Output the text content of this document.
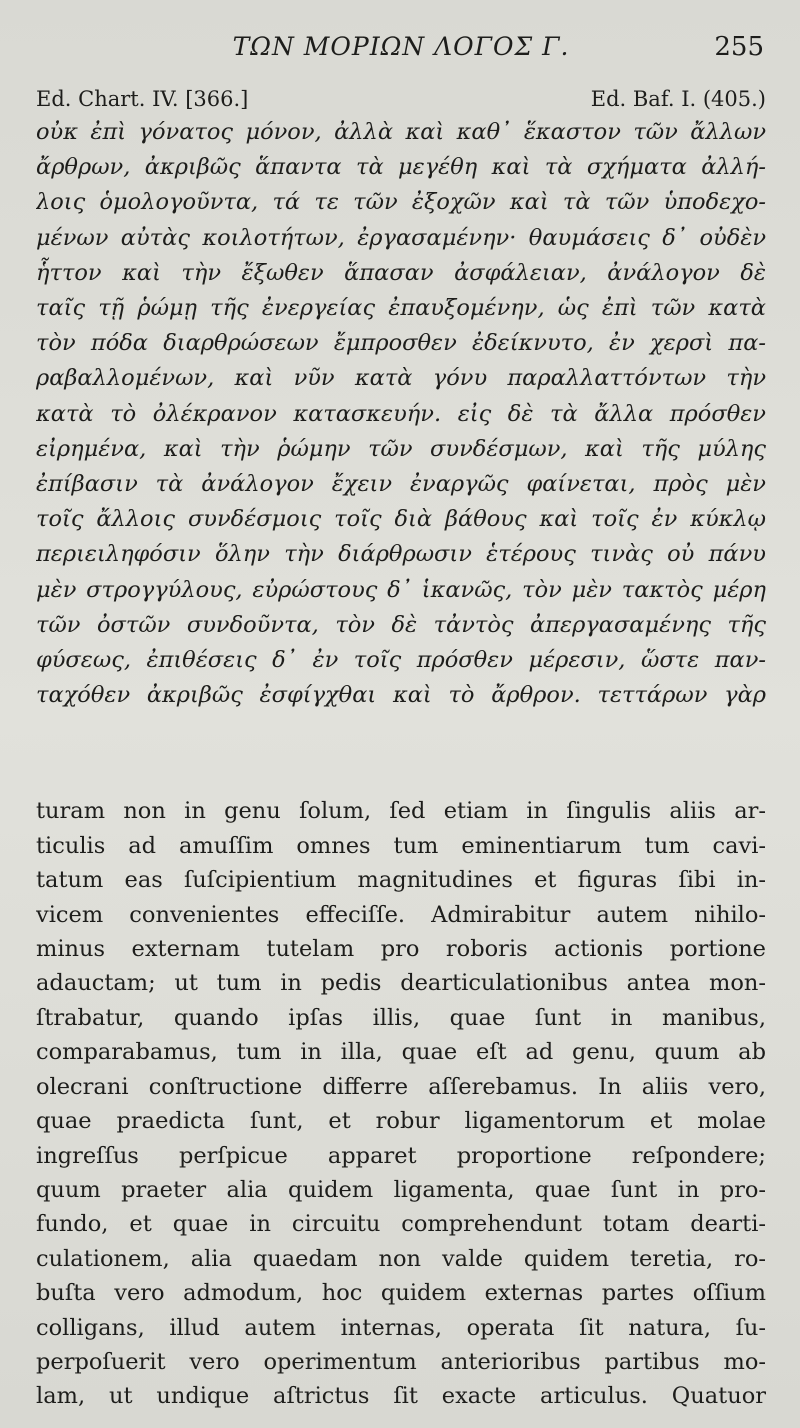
ΤΩΝ ΜΟΡΙΩΝ ΛΟΓΟΣ Γ.	255
Ed. Chart. IV. [366.]	Ed. Baf. I. (405.)
οὐκ ἐπὶ γόνατος μόνον, ἀλλὰ καὶ καθ᾿ ἕκαστον τῶν ἄλλων
ἄρθρων, ἀκριβῶς ἅπαντα τὰ μεγέθη καὶ τὰ σχήματα ἀλλή-
λοις ὁμολογοῦντα, τά τε τῶν ἐξοχῶν καὶ τὰ τῶν ὑποδεχο-
μένων αὐτὰς κοιλοτήτων, ἐργασαμένην· θαυμάσεις δ᾿ οὐδὲν
ἧττον καὶ τὴν ἔξωθεν ἅπασαν ἀσφάλειαν, ἀνάλογον δὲ
ταῖς τῇ ῥώμῃ τῆς ἐνεργείας ἐπαυξομένην, ὡς ἐπὶ τῶν κατὰ
τὸν πόδα διαρθρώσεων ἔμπροσθεν ἐδείκνυτο, ἐν χερσὶ πα-
ραβαλλομένων, καὶ νῦν κατὰ γόνυ παραλλαττόντων τὴν
κατὰ τὸ ὀλέκρανον κατασκευήν. εἰς δὲ τὰ ἄλλα πρόσθεν
εἰρημένα, καὶ τὴν ῥώμην τῶν συνδέσμων, καὶ τῆς μύλης
ἐπίβασιν τὰ ἀνάλογον ἔχειν ἐναργῶς φαίνεται, πρὸς μὲν
τοῖς ἄλλοις συνδέσμοις τοῖς διὰ βάθους καὶ τοῖς ἐν κύκλῳ
περιειληφόσιν ὅλην τὴν διάρθρωσιν ἑτέρους τινὰς οὐ πάνυ
μὲν στρογγύλους, εὐρώστους δ᾿ ἱκανῶς, τὸν μὲν τακτὸς μέρη
τῶν ὀστῶν συνδοῦντα, τὸν δὲ τἀντὸς ἀπεργασαμένης τῆς
φύσεως, ἐπιθέσεις δ᾿ ἐν τοῖς πρόσθεν μέρεσιν, ὥστε παν-
ταχόθεν ἀκριβῶς ἐσφίγχθαι καὶ τὸ ἄρθρον. τεττάρων γὰρ
turam non in genu ſolum, ſed etiam in ſingulis aliis ar-
ticulis ad amuſſim omnes tum eminentiarum tum cavi-
tatum eas ſuſcipientium magnitudines et figuras ſibi in-
vicem convenientes effeciſſe. Admirabitur autem nihilo-
minus externam tutelam pro roboris actionis portione
adauctam; ut tum in pedis dearticulationibus antea mon-
ſtrabatur, quando ipſas illis, quae ſunt in manibus,
comparabamus, tum in illa, quae eſt ad genu, quum ab
olecrani conſtructione differre aſſerebamus. In aliis vero,
quae praedicta ſunt, et robur ligamentorum et molae
ingreſſus perſpicue apparet proportione reſpondere;
quum praeter alia quidem ligamenta, quae ſunt in pro-
fundo, et quae in circuitu comprehendunt totam dearti-
culationem, alia quaedam non valde quidem teretia, ro-
buſta vero admodum, hoc quidem externas partes oſſium
colligans, illud autem internas, operata ſit natura, ſu-
perpoſuerit vero operimentum anterioribus partibus mo-
lam, ut undique aſtrictus ſit exacte articulus. Quatuor
